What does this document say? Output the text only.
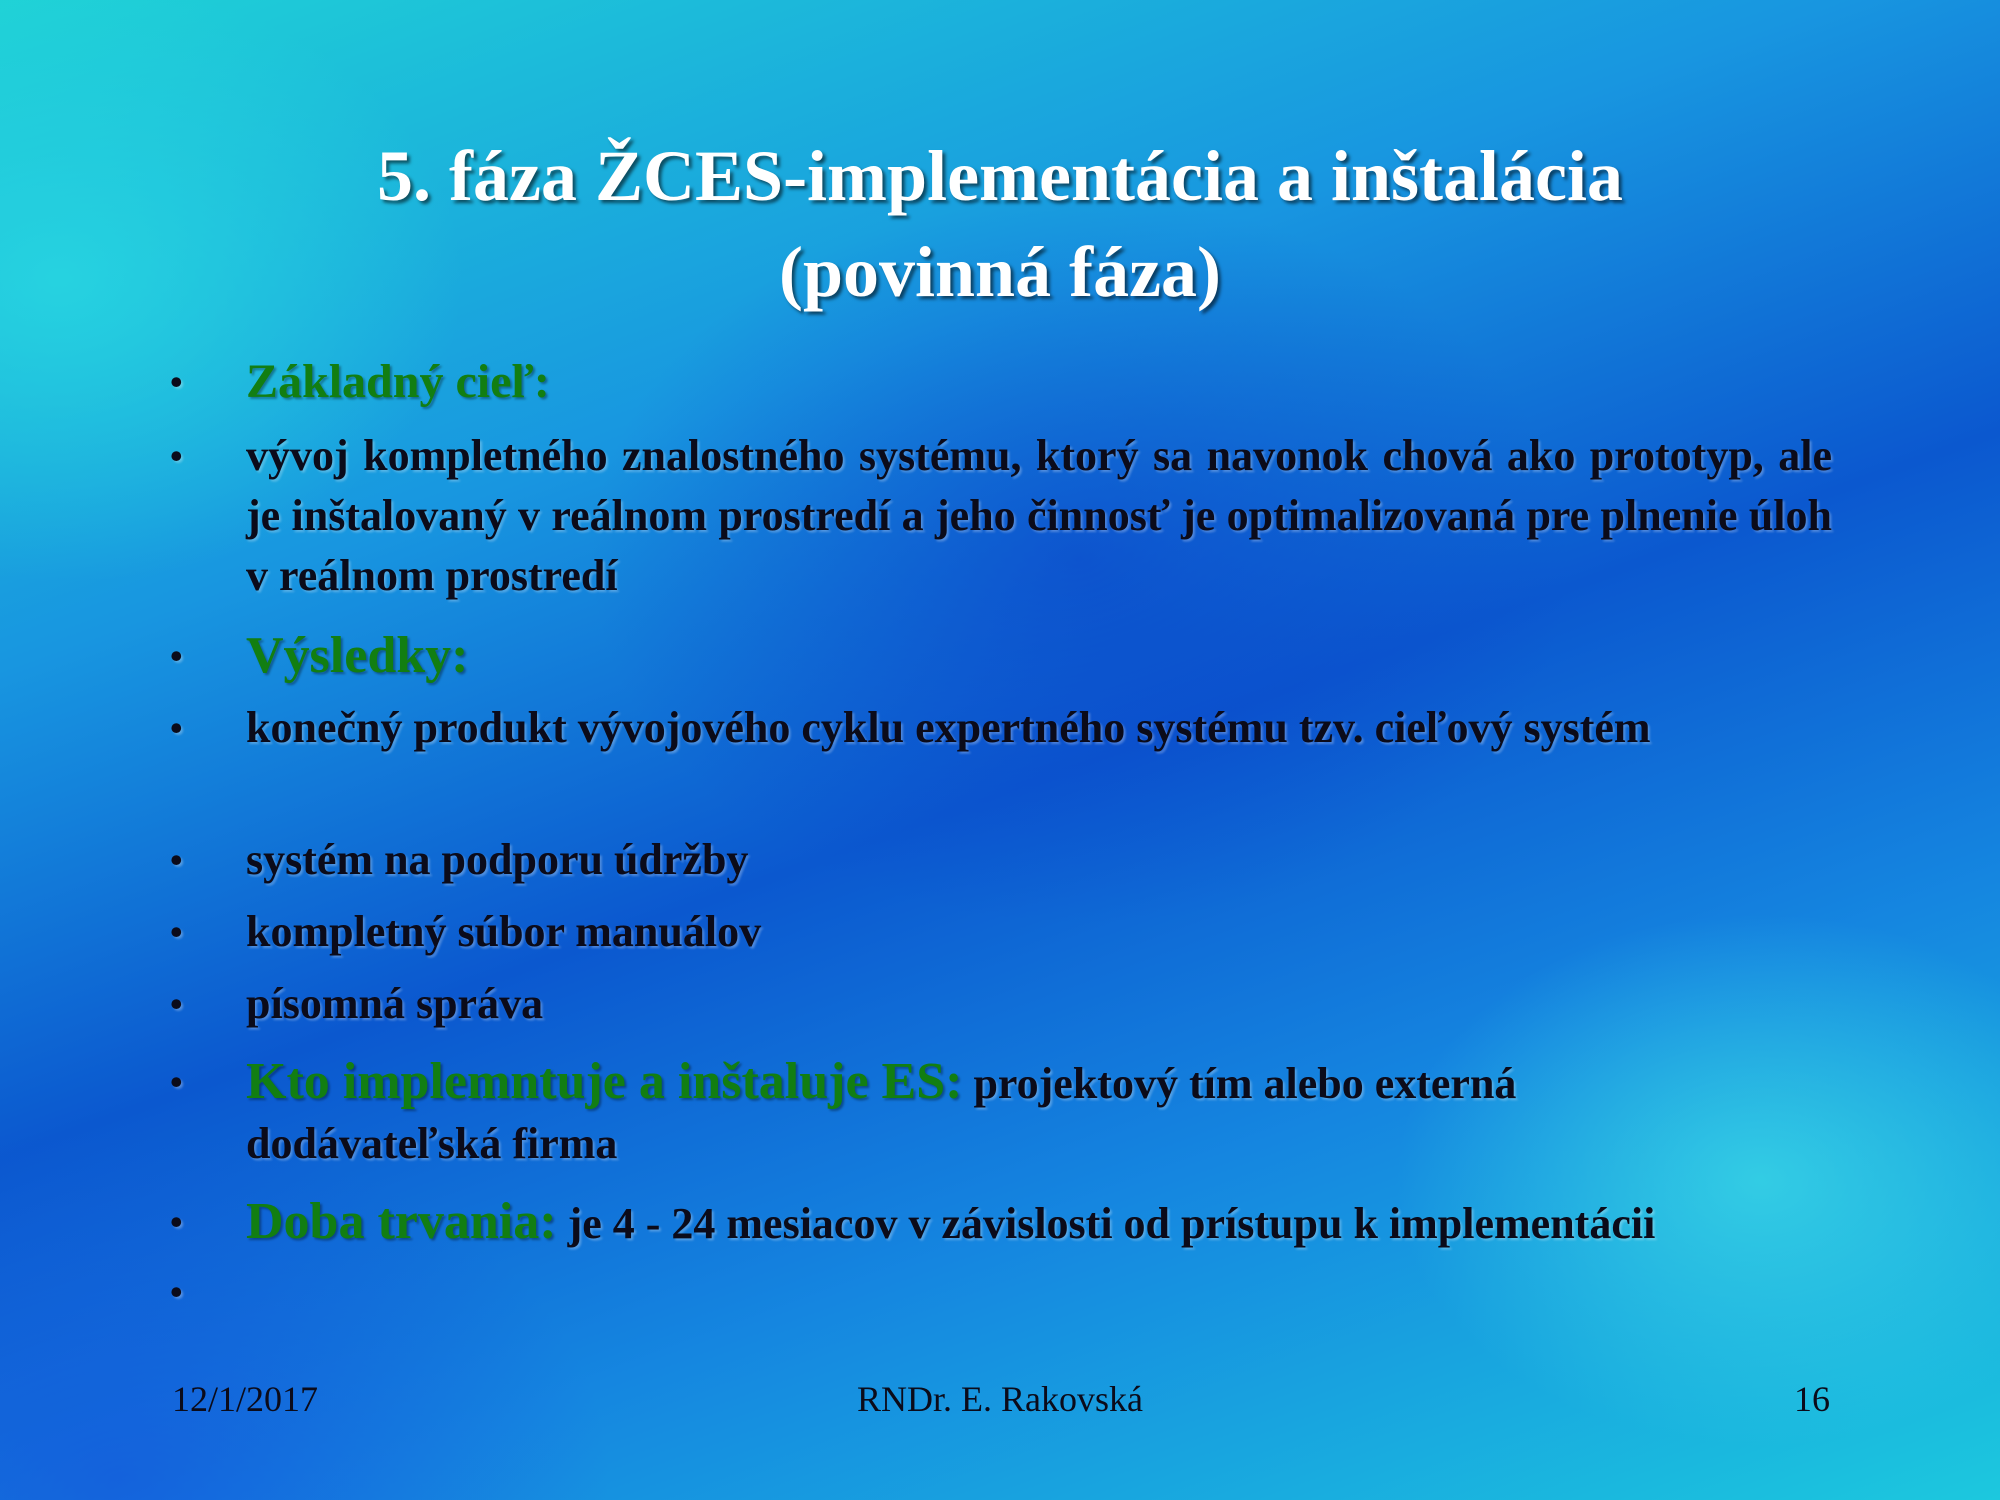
5. fáza ŽCES-implementácia a inštalácia
(povinná fáza)
• Základný cieľ:
• vývoj kompletného znalostného systému, ktorý sa navonok chová ako prototyp, ale je inštalovaný v reálnom prostredí a jeho činnosť je optimalizovaná pre plnenie úloh v reálnom prostredí
• Výsledky:
• konečný produkt vývojového cyklu expertného systému tzv. cieľový systém
• systém na podporu údržby
• kompletný súbor manuálov
• písomná správa
• Kto implemntuje a inštaluje ES: projektový tím alebo externá dodávateľská firma
• Doba trvania: je 4 - 24 mesiacov v závislosti od prístupu k implementácii
•
12/1/2017	RNDr. E. Rakovská	16
